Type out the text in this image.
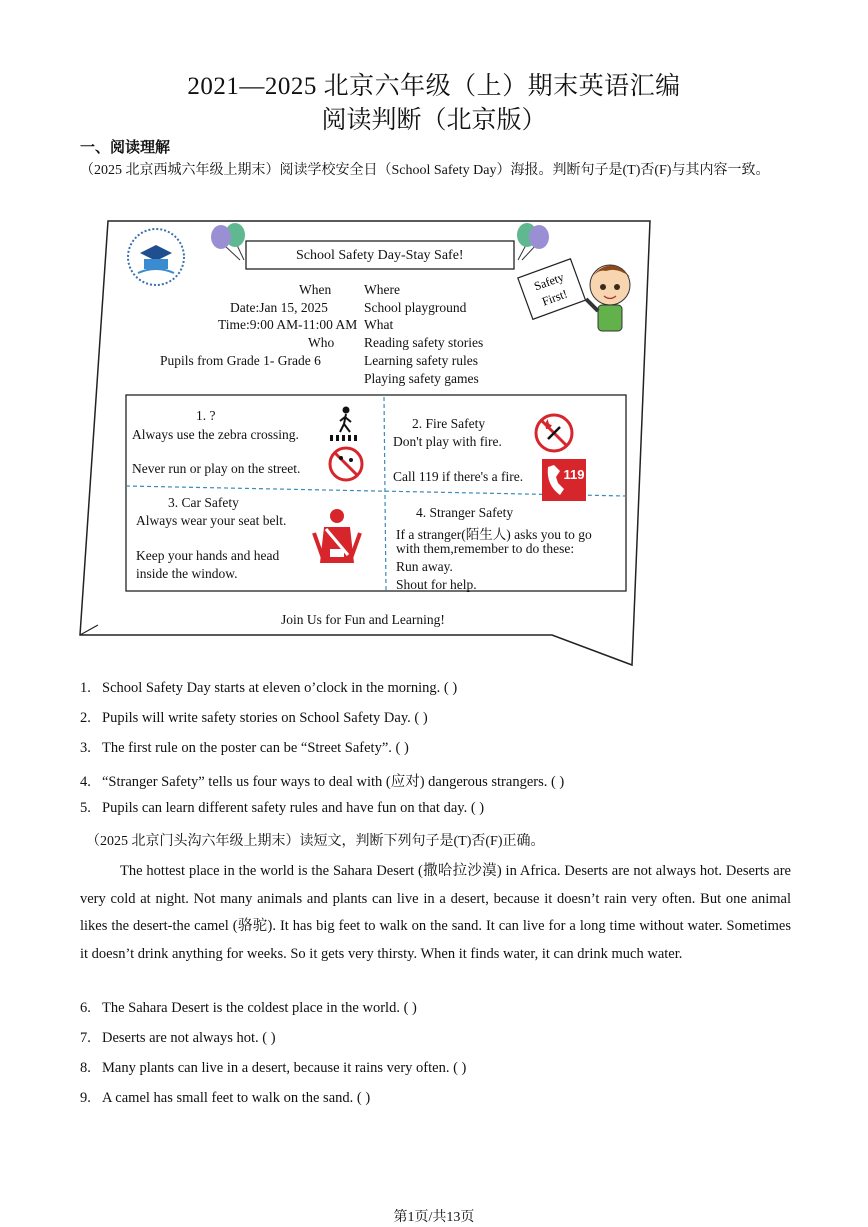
2021—2025 北京六年级（上）期末英语汇编
阅读判断（北京版）
一、阅读理解
（2025 北京西城六年级上期末）阅读学校安全日（School Safety Day）海报。判断句子是(T)否(F)与其内容一致。
Safety
First!
119
School Safety Day-Stay Safe!
When
Date:Jan 15, 2025
Time:9:00 AM-11:00 AM
Who
Pupils from Grade 1- Grade 6
Where
School playground
What
Reading safety stories
Learning safety rules
Playing safety games
1. ?
Always use the zebra crossing.
Never run or play on the street.
2. Fire Safety
Don't play with fire.
Call 119 if there's a fire.
3. Car Safety
Always wear your seat belt.
Keep your hands and head
inside the window.
4. Stranger Safety
If a stranger(陌生人) asks you to go
with them,remember to do these:
Run away.
Shout for help.
Join Us for Fun and Learning!
1. School Safety Day starts at eleven o’clock in the morning. ( )
2. Pupils will write safety stories on School Safety Day. ( )
3. The first rule on the poster can be “Street Safety”. ( )
4. “Stranger Safety” tells us four ways to deal with (应对) dangerous strangers. ( )
5. Pupils can learn different safety rules and have fun on that day. ( )
（2025 北京门头沟六年级上期末）读短文，判断下列句子是(T)否(F)正确。
The hottest place in the world is the Sahara Desert (撒哈拉沙漠) in Africa. Deserts are not always hot. Deserts are very cold at night. Not many animals and plants can live in a desert, because it doesn’t rain very often. But one animal likes the desert-the camel (骆驼). It has big feet to walk on the sand. It can live for a long time without water. Sometimes it doesn’t drink anything for weeks. So it gets very thirsty. When it finds water, it can drink much water.
6. The Sahara Desert is the coldest place in the world. ( )
7. Deserts are not always hot. ( )
8. Many plants can live in a desert, because it rains very often. ( )
9. A camel has small feet to walk on the sand. ( )
第1页/共13页
